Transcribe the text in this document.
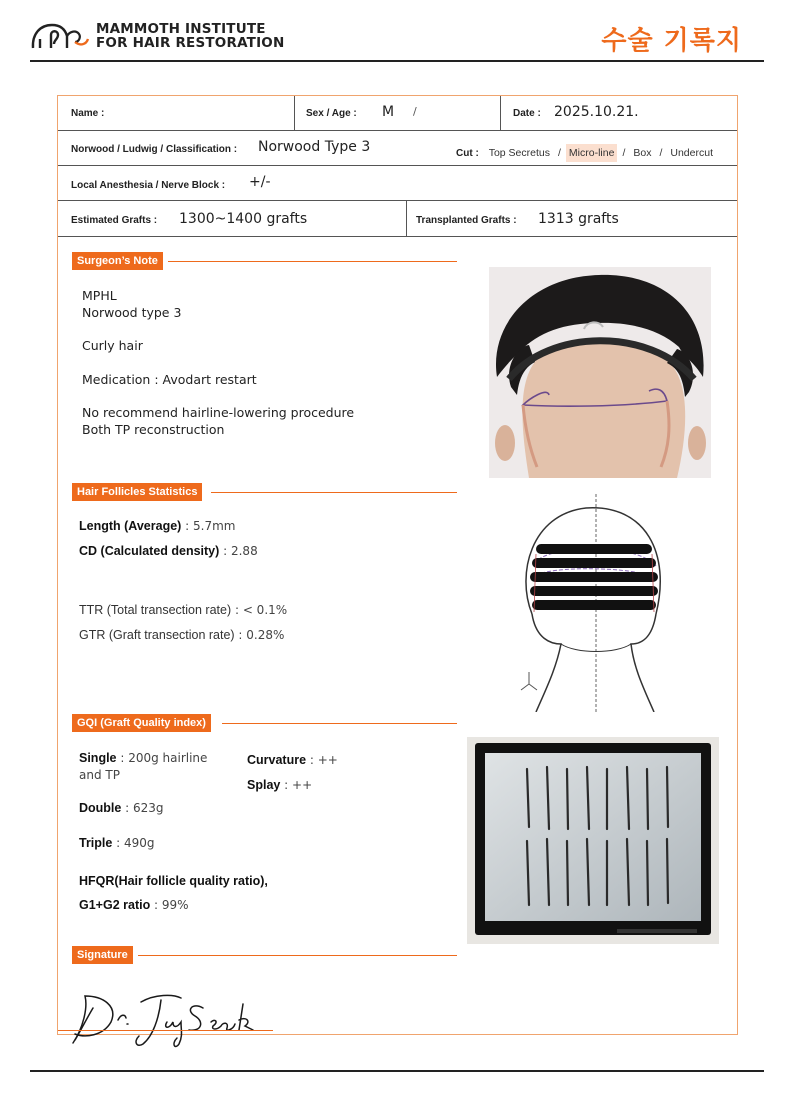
MAMMOTH INSTITUTE
FOR HAIR RESTORATION	수술 기록지
Name :	Sex / Age : M /	Date : 2025.10.21.
Norwood / Ludwig / Classification : Norwood Type 3	Cut : Top Secretus / Micro-line / Box / Undercut
Local Anesthesia / Nerve Block : +/-
Estimated Grafts : 1300~1400 grafts	Transplanted Grafts : 1313 grafts
Surgeon’s Note
MPHL
Norwood type 3
Curly hair
Medication : Avodart restart
No recommend hairline-lowering procedure
Both TP reconstruction
Hair Follicles Statistics
Length (Average) : 5.7mm
CD (Calculated density) : 2.88
TTR (Total transection rate) : < 0.1%
GTR (Graft transection rate) : 0.28%
GQI (Graft Quality index)
Single : 200g hairline
and TP
Curvature : ++
Splay : ++
Double : 623g
Triple : 490g
HFQR(Hair follicle quality ratio),
G1+G2 ratio : 99%
Signature
